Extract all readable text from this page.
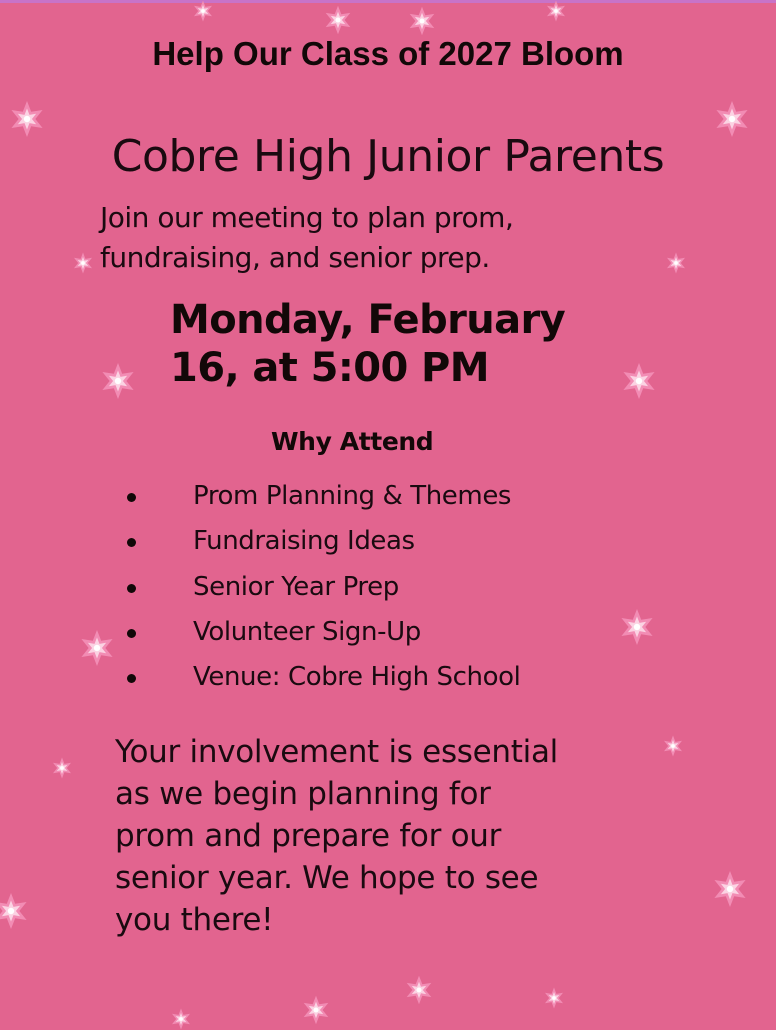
Help Our Class of 2027 Bloom
Cobre High Junior Parents

Join our meeting to plan prom,
fundraising, and senior prep.

Monday, February
16, at 5:00 PM

Why Attend
Prom Planning & Themes
Fundraising Ideas
Senior Year Prep
Volunteer Sign-Up
Venue: Cobre High School

Your involvement is essential
as we begin planning for
prom and prepare for our
senior year. We hope to see
you there!
